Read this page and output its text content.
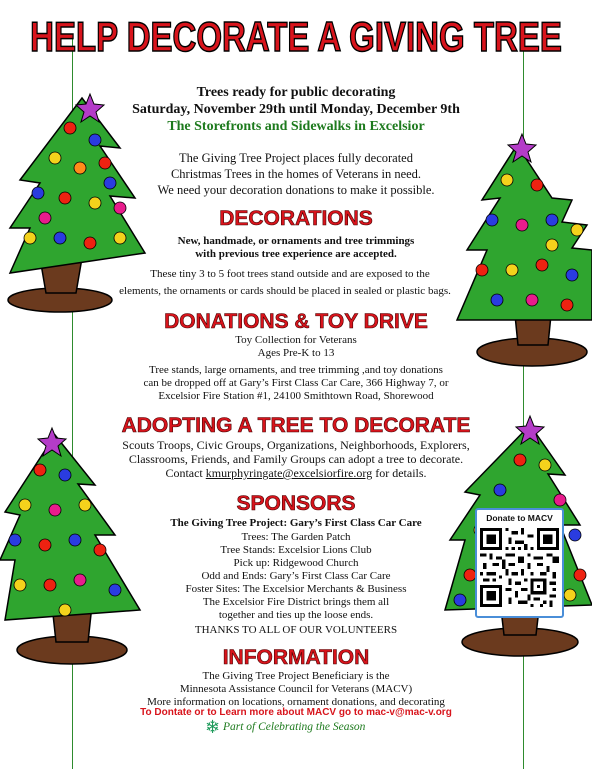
HELP DECORATE A GIVING TREE
Trees ready for public decorating
Saturday, November 29th until Monday, December 9th
The Storefronts and Sidewalks in Excelsior
The Giving Tree Project places fully decorated
Christmas Trees in the homes of Veterans in need.
We need your decoration donations to make it possible.
DECORATIONS
New, handmade, or ornaments and tree trimmings
with previous tree experience are accepted.
These tiny 3 to 5 foot trees stand outside and are exposed to the
elements, the ornaments or cards should be placed in sealed or plastic bags.
DONATIONS & TOY DRIVE
Toy Collection for Veterans
Ages Pre-K to 13
Tree stands, large ornaments, and tree trimming ,and toy donations
can be dropped off at Gary’s First Class Car Care, 366 Highway 7, or
Excelsior Fire Station #1, 24100 Smithtown Road, Shorewood
ADOPTING A TREE TO DECORATE
Scouts Troops, Civic Groups, Organizations, Neighborhoods, Explorers,
Classrooms, Friends, and Family Groups can adopt a tree to decorate.
Contact kmurphyringate@excelsiorfire.org for details.
SPONSORS
The Giving Tree Project: Gary’s First Class Car Care
Trees: The Garden Patch
Tree Stands: Excelsior Lions Club
Pick up: Ridgewood Church
Odd and Ends: Gary’s First Class Car Care
Foster Sites: The Excelsior Merchants & Business
The Excelsior Fire District brings them all
together and ties up the loose ends.
THANKS TO ALL OF OUR VOLUNTEERS
INFORMATION
The Giving Tree Project Beneficiary is the
Minnesota Assistance Council for Veterans (MACV)
More information on locations, ornament donations, and decorating
To Dontate or to Learn more about MACV go to mac-v@mac-v.org
Donate to MACV
❄ Part of Celebrating the Season
